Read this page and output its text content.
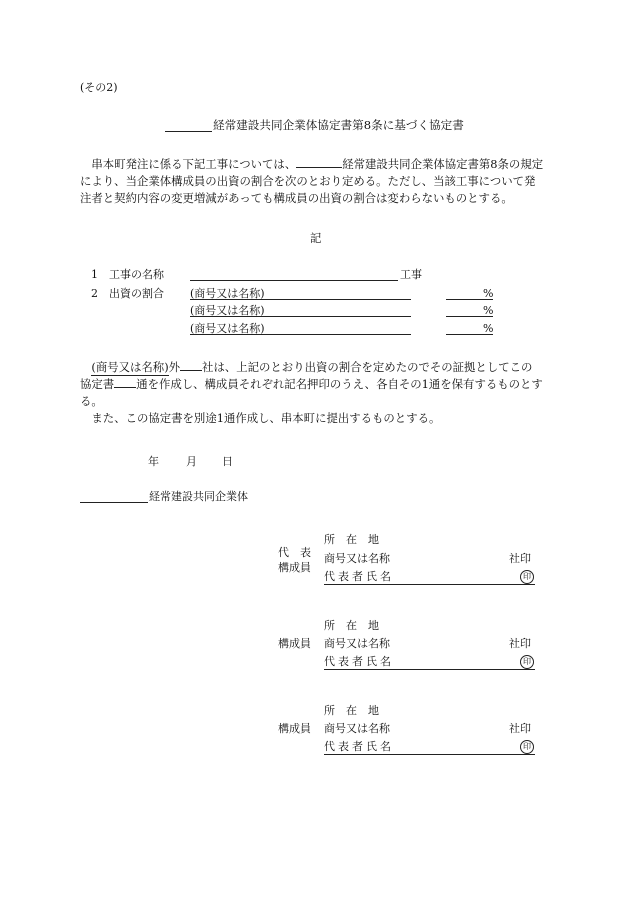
(その2)
経常建設共同企業体協定書第8条に基づく協定書
　串本町発注に係る下記工事については、	経常建設共同企業体協定書第8条の規定
により、当企業体構成員の出資の割合を次のとおり定める。ただし、当該工事について発
注者と契約内容の変更増減があっても構成員の出資の割合は変わらないものとする。
記
1 工事の名称	工事
2 出資の割合 (商号又は名称)	%
(商号又は名称)	%
(商号又は名称)	%
　(商号又は名称)外 社は、上記のとおり出資の割合を定めたのでその証拠としてこの
協定書 通を作成し、構成員それぞれ記名押印のうえ、各自その1通を保有するものとす
る。
　また、この協定書を別途1通作成し、串本町に提出するものとする。
年 月 日
経常建設共同企業体
代　表
構成員
所　在　地
商号又は名称	社印
代表者氏名	印
構成員
所　在　地
商号又は名称	社印
代表者氏名	印
構成員
所　在　地
商号又は名称	社印
代表者氏名	印
